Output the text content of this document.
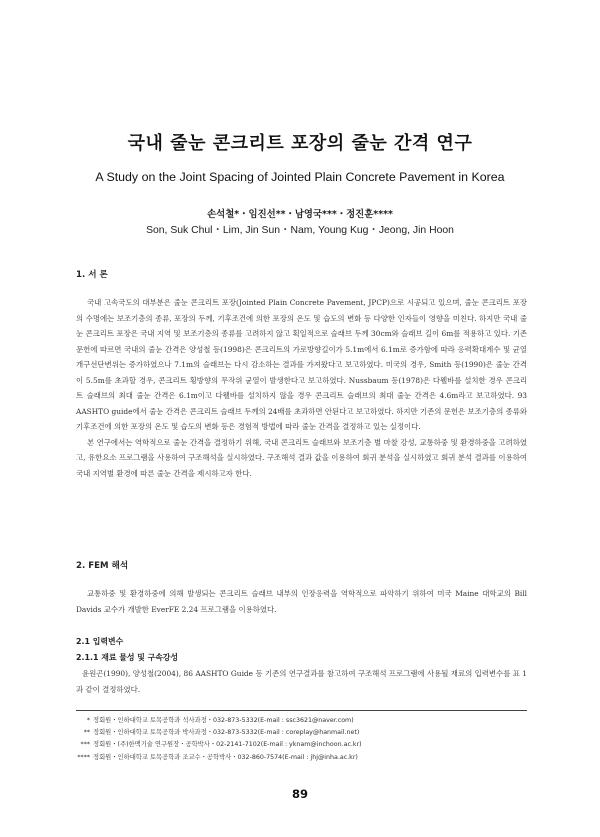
국내 줄눈 콘크리트 포장의 줄눈 간격 연구
A Study on the Joint Spacing of Jointed Plain Concrete Pavement in Korea
손석철*・임진선**・남영국***・정진훈****
Son, Suk Chul・Lim, Jin Sun・Nam, Young Kug・Jeong, Jin Hoon
1. 서 론

국내 고속국도의 대부분은 줄눈 콘크리트 포장(Jointed Plain Concrete Pavement, JPCP)으로 시공되고 있으며, 줄눈 콘크리트 포장의 수명에는 보조기층의 종류, 포장의 두께, 기후조건에 의한 포장의 온도 및 습도의 변화 등 다양한 인자들이 영향을 미친다. 하지만 국내 줄눈 콘크리트 포장은 국내 지역 및 보조기층의 종류를 고려하지 않고 획일적으로 슬래브 두께 30cm와 슬래브 길이 6m를 적용하고 있다. 기존 문헌에 따르면 국내의 줄눈 간격은 양성철 등(1998)은 콘크리트의 가로방향길이가 5.1m에서 6.1m로 증가함에 따라 응력확대계수 및 균열개구선단변위는 증가하였으나 7.1m의 슬래브는 다시 감소하는 결과를 가져왔다고 보고하였다. 미국의 경우, Smith 등(1990)은 줄눈 간격이 5.5m를 초과할 경우, 콘크리트 횡방향의 무작위 균열이 발생한다고 보고하였다. Nussbaum 등(1978)은 다웰바를 설치한 경우 콘크리트 슬래브의 최대 줄눈 간격은 6.1m이고 다웰바를 설치하지 않을 경우 콘크리트 슬래브의 최대 줄눈 간격은 4.6m라고 보고하였다. 93 AASHTO guide에서 줄눈 간격은 콘크리트 슬래브 두께의 24배를 초과하면 안된다고 보고하였다. 하지만 기존의 문헌은 보조기층의 종류와 기후조건에 의한 포장의 온도 및 습도의 변화 등은 경험적 방법에 따라 줄눈 간격을 결정하고 있는 실정이다.

본 연구에서는 역학적으로 줄눈 간격을 결정하기 위해, 국내 콘크리트 슬래브와 보조기층 별 마찰 강성, 교통하중 및 환경하중을 고려하였고, 유한요소 프로그램을 사용하여 구조해석을 실시하였다. 구조해석 결과 값을 이용하여 회귀 분석을 실시하였고 회귀 분석 결과를 이용하여 국내 지역별 환경에 따른 줄눈 간격을 제시하고자 한다.

2. FEM 해석

교통하중 및 환경하중에 의해 발생되는 콘크리트 슬래브 내부의 인장응력을 역학적으로 파악하기 위하여 미국 Maine 대학교의 Bill Davids 교수가 개발한 EverFE 2.24 프로그램을 이용하였다.

2.1 입력변수
2.1.1 재료 물성 및 구속강성

윤원곤(1990), 양성철(2004), 86 AASHTO Guide 등 기존의 연구결과를 참고하여 구조해석 프로그램에 사용될 재료의 입력변수를 표 1과 같이 결정하였다.

* 정회원・인하대학교 토목공학과 석사과정・032-873-5332(E-mail : ssc3621@naver.com)
** 정회원・인하대학교 토목공학과 박사과정・032-873-5332(E-mail : coreplay@hanmail.net)
*** 정회원・(주)한맥기술 연구원장・공학박사・02-2141-7102(E-mail : yknam@inchoon.ac.kr)
**** 정회원・인하대학교 토목공학과 조교수・공학박사・032-860-7574(E-mail : jhj@inha.ac.kr)
89
